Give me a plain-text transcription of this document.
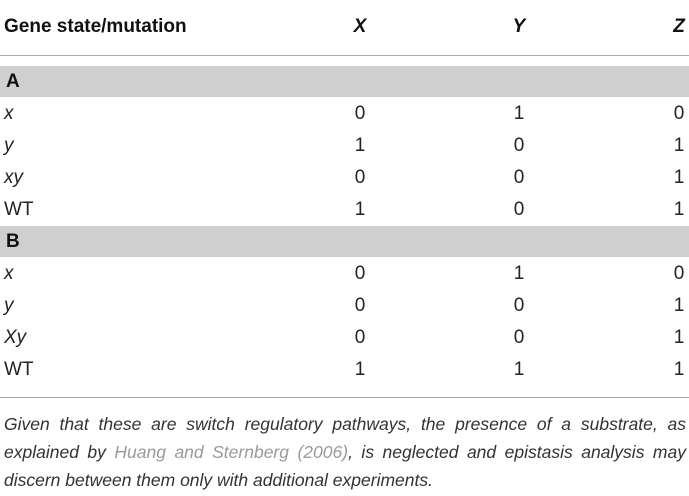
Gene state/mutation	X	Y	Z
A
x	0	1	0
y	1	0	1
xy	0	0	1
WT	1	0	1
B
x	0	1	0
y	0	0	1
Xy	0	0	1
WT	1	1	1
Given that these are switch regulatory pathways, the presence of a substrate, as explained by Huang and Sternberg (2006), is neglected and epistasis analysis may discern between them only with additional experiments.
